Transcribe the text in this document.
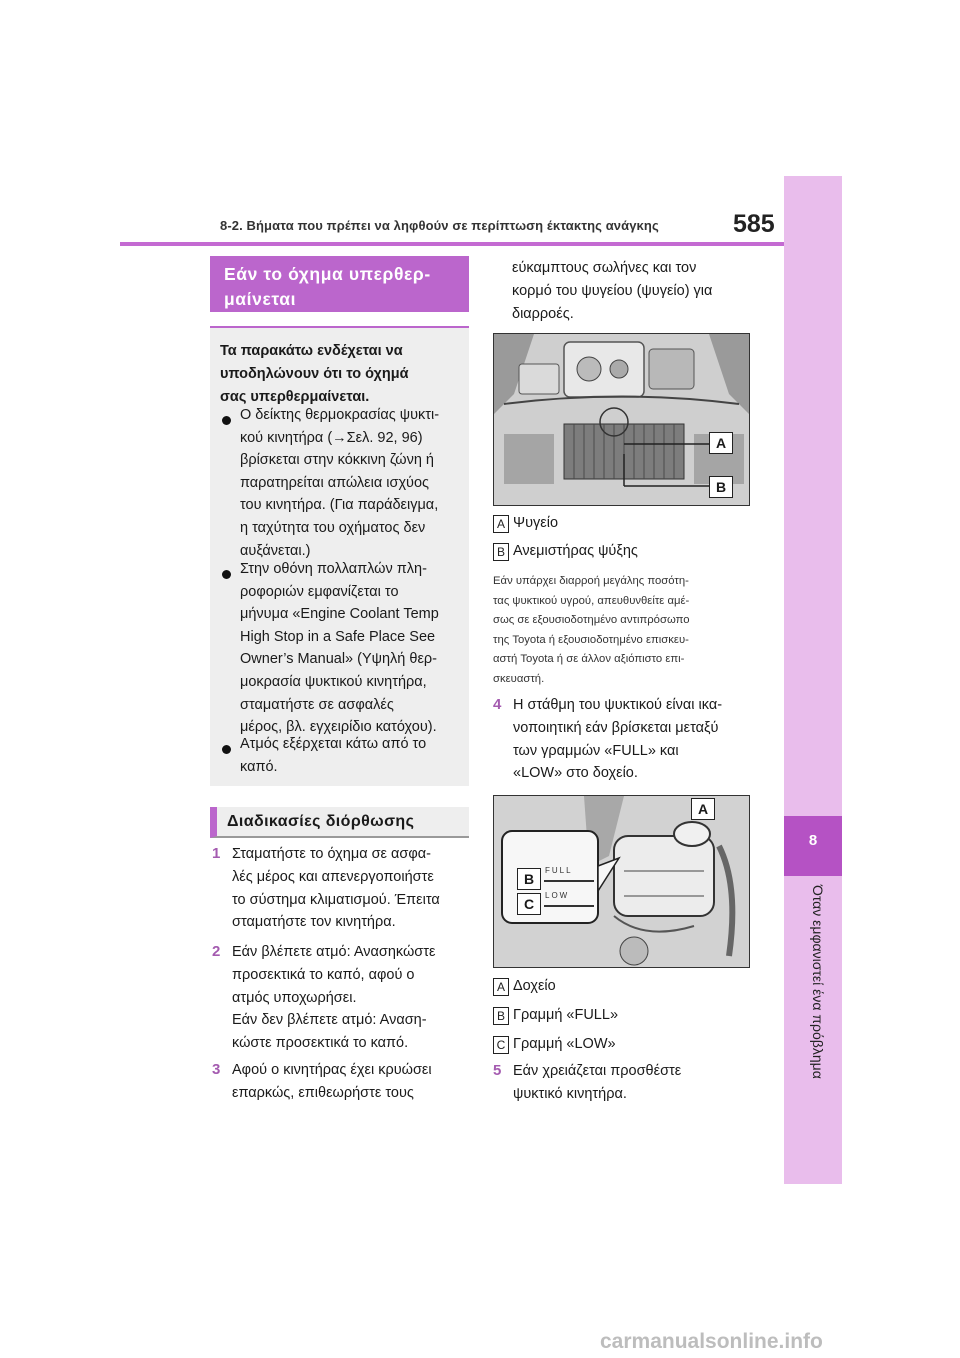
8-2. Βήματα που πρέπει να ληφθούν σε περίπτωση έκτακτης ανάγκης	585
8
Όταν εμφανιστεί ένα πρόβλημα
Εάν το όχημα υπερθερ-
μαίνεται
Τα παρακάτω ενδέχεται να
υποδηλώνουν ότι το όχημά
σας υπερθερμαίνεται.
Ο δείκτης θερμοκρασίας ψυκτι-
κού κινητήρα (→Σελ. 92, 96)
βρίσκεται στην κόκκινη ζώνη ή
παρατηρείται απώλεια ισχύος
του κινητήρα. (Για παράδειγμα,
η ταχύτητα του οχήματος δεν
αυξάνεται.)
Στην οθόνη πολλαπλών πλη-
ροφοριών εμφανίζεται το
μήνυμα «Engine Coolant Temp
High Stop in a Safe Place See
Owner’s Manual» (Υψηλή θερ-
μοκρασία ψυκτικού κινητήρα,
σταματήστε σε ασφαλές
μέρος, βλ. εγχειρίδιο κατόχου).
Ατμός εξέρχεται κάτω από το
καπό.
Διαδικασίες διόρθωσης
1 Σταματήστε το όχημα σε ασφα-
λές μέρος και απενεργοποιήστε
το σύστημα κλιματισμού. Έπειτα
σταματήστε τον κινητήρα.
2 Εάν βλέπετε ατμό: Ανασηκώστε
προσεκτικά το καπό, αφού ο
ατμός υποχωρήσει.
Εάν δεν βλέπετε ατμό: Αναση-
κώστε προσεκτικά το καπό.
3 Αφού ο κινητήρας έχει κρυώσει
επαρκώς, επιθεωρήστε τους
εύκαμπτους σωλήνες και τον
κορμό του ψυγείου (ψυγείο) για
διαρροές.
A
B
A Ψυγείο
B Ανεμιστήρας ψύξης
Εάν υπάρχει διαρροή μεγάλης ποσότη-
τας ψυκτικού υγρού, απευθυνθείτε αμέ-
σως σε εξουσιοδοτημένο αντιπρόσωπο
της Toyota ή εξουσιοδοτημένο επισκευ-
αστή Toyota ή σε άλλον αξιόπιστο επι-
σκευαστή.
4 Η στάθμη του ψυκτικού είναι ικα-
νοποιητική εάν βρίσκεται μεταξύ
των γραμμών «FULL» και
«LOW» στο δοχείο.
FULL
LOW
A
B
C
A Δοχείο
B Γραμμή «FULL»
C Γραμμή «LOW»
5 Εάν χρειάζεται προσθέστε
ψυκτικό κινητήρα.
carmanualsonline.info
